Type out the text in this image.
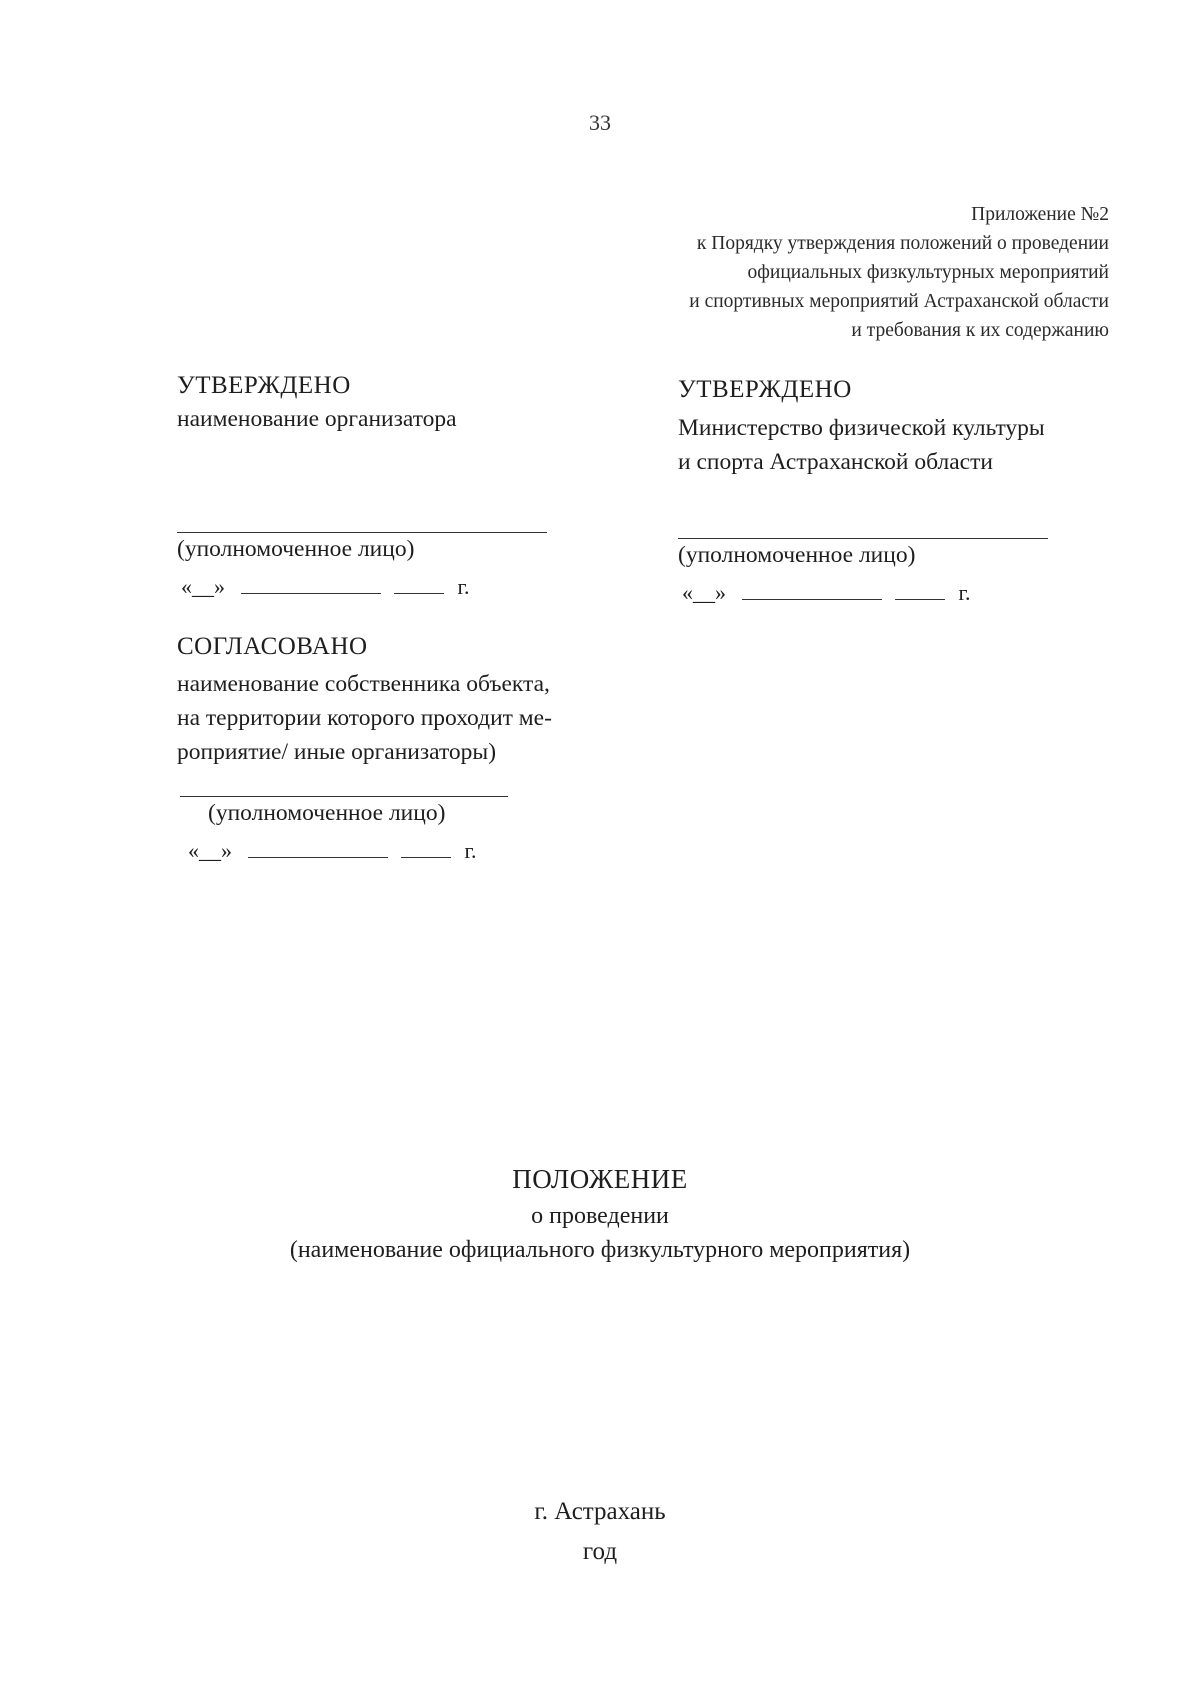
33
Приложение №2
к Порядку утверждения положений о проведении
официальных физкультурных мероприятий
и спортивных мероприятий Астраханской области
и требования к их содержанию
УТВЕРЖДЕНО
наименование организатора
(уполномоченное лицо)
«__»	г.
УТВЕРЖДЕНО
Министерство физической культуры
и спорта Астраханской области
(уполномоченное лицо)
«__»	г.
СОГЛАСОВАНО
наименование собственника объекта,
на территории которого проходит ме-
роприятие/ иные организаторы)
(уполномоченное лицо)
«__»	г.
ПОЛОЖЕНИЕ
о проведении
(наименование официального физкультурного мероприятия)
г. Астрахань
год
